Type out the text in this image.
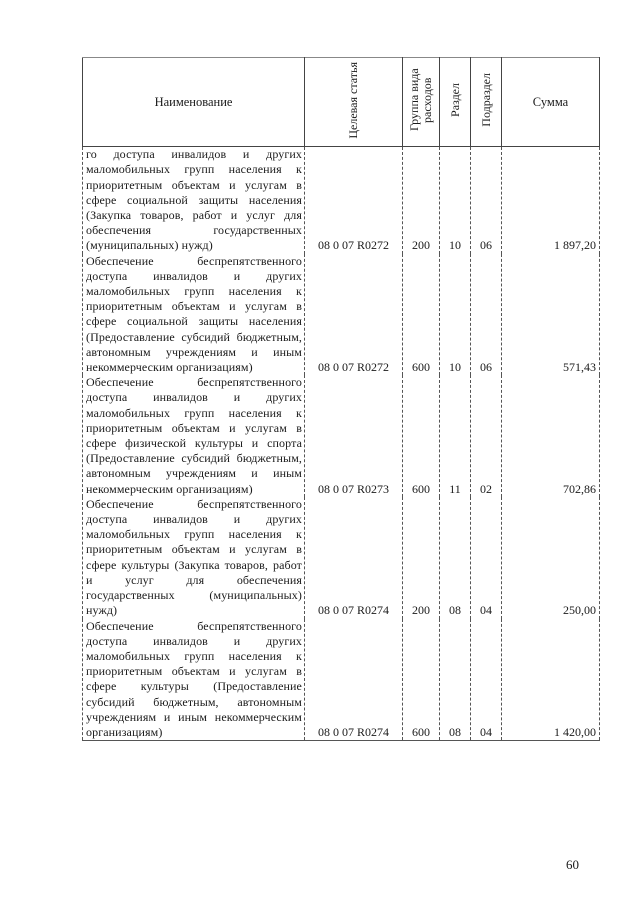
Наименование	Целевая статья	Группа вида расходов	Раздел	Подраздел	Сумма
го доступа инвалидов и других маломобильных групп населения к приоритетным объектам и услугам в сфере социальной защиты населения (Закупка товаров, работ и услуг для обеспечения государственных (муниципальных) нужд)	08 0 07 R0272	200	10	06	1 897,20
Обеспечение беспрепятственного доступа инвалидов и других маломобильных групп населения к приоритетным объектам и услугам в сфере социальной защиты населения (Предоставление субсидий бюджетным, автономным учреждениям и иным некоммерческим организациям)	08 0 07 R0272	600	10	06	571,43
Обеспечение беспрепятственного доступа инвалидов и других маломобильных групп населения к приоритетным объектам и услугам в сфере физической культуры и спорта (Предоставление субсидий бюджетным, автономным учреждениям и иным некоммерческим организациям)	08 0 07 R0273	600	11	02	702,86
Обеспечение беспрепятственного доступа инвалидов и других маломобильных групп населения к приоритетным объектам и услугам в сфере культуры (Закупка товаров, работ и услуг для обеспечения государственных (муниципальных) нужд)	08 0 07 R0274	200	08	04	250,00
Обеспечение беспрепятственного доступа инвалидов и других маломобильных групп населения к приоритетным объектам и услугам в сфере культуры (Предоставление субсидий бюджетным, автономным учреждениям и иным некоммерческим организациям)	08 0 07 R0274	600	08	04	1 420,00
60
